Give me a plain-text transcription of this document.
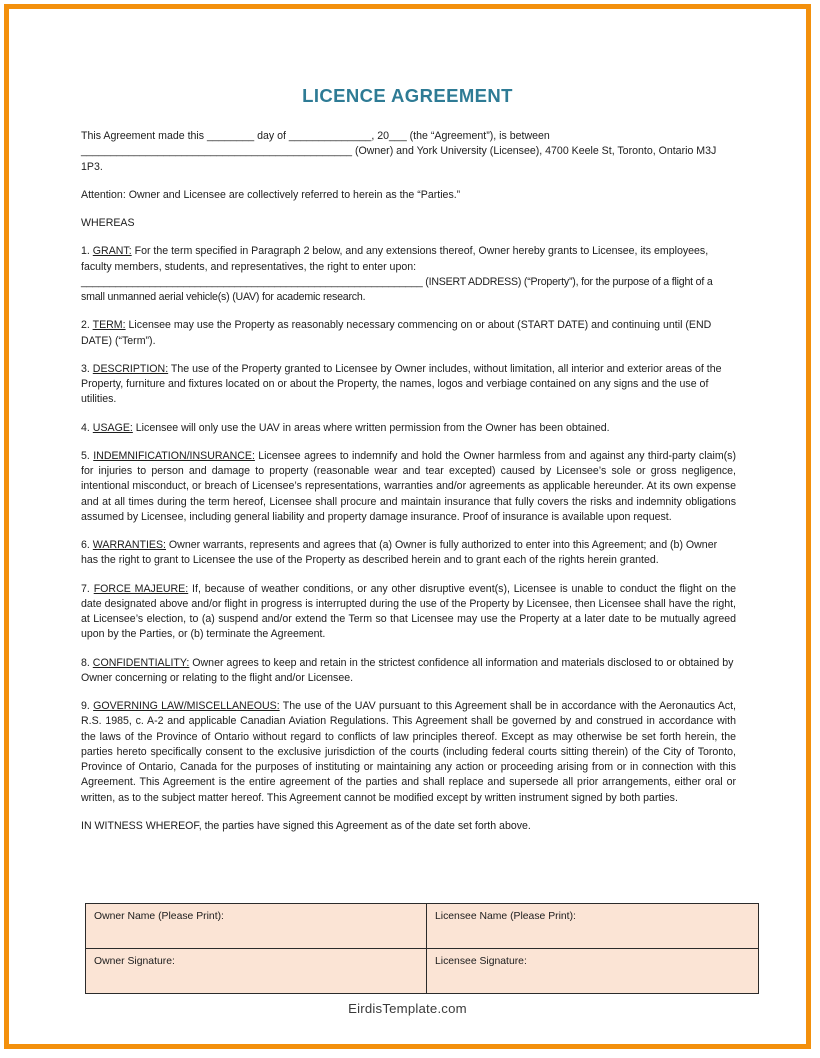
LICENCE AGREEMENT

This Agreement made this ________ day of ______________, 20___ (the “Agreement”), is between
______________________________________________ (Owner) and York University (Licensee), 4700 Keele St, Toronto, Ontario M3J 1P3.

Attention: Owner and Licensee are collectively referred to herein as the “Parties.”

WHEREAS

1. GRANT: For the term specified in Paragraph 2 below, and any extensions thereof, Owner hereby grants to Licensee, its employees, faculty members, students, and representatives, the right to enter upon:
____________________________________________________________ (INSERT ADDRESS) (“Property”), for the purpose of a flight of a small unmanned aerial vehicle(s) (UAV) for academic research.

2. TERM: Licensee may use the Property as reasonably necessary commencing on or about (START DATE) and continuing until (END DATE) (“Term”).

3. DESCRIPTION: The use of the Property granted to Licensee by Owner includes, without limitation, all interior and exterior areas of the Property, furniture and fixtures located on or about the Property, the names, logos and verbiage contained on any signs and the use of utilities.

4. USAGE: Licensee will only use the UAV in areas where written permission from the Owner has been obtained.

5. INDEMNIFICATION/INSURANCE: Licensee agrees to indemnify and hold the Owner harmless from and against any third-party claim(s) for injuries to person and damage to property (reasonable wear and tear excepted) caused by Licensee’s sole or gross negligence, intentional misconduct, or breach of Licensee’s representations, warranties and/or agreements as applicable hereunder. At its own expense and at all times during the term hereof, Licensee shall procure and maintain insurance that fully covers the risks and indemnity obligations assumed by Licensee, including general liability and property damage insurance. Proof of insurance is available upon request.

6. WARRANTIES: Owner warrants, represents and agrees that (a) Owner is fully authorized to enter into this Agreement; and (b) Owner has the right to grant to Licensee the use of the Property as described herein and to grant each of the rights herein granted.

7. FORCE MAJEURE: If, because of weather conditions, or any other disruptive event(s), Licensee is unable to conduct the flight on the date designated above and/or flight in progress is interrupted during the use of the Property by Licensee, then Licensee shall have the right, at Licensee’s election, to (a) suspend and/or extend the Term so that Licensee may use the Property at a later date to be mutually agreed upon by the Parties, or (b) terminate the Agreement.

8. CONFIDENTIALITY: Owner agrees to keep and retain in the strictest confidence all information and materials disclosed to or obtained by Owner concerning or relating to the flight and/or Licensee.

9. GOVERNING LAW/MISCELLANEOUS: The use of the UAV pursuant to this Agreement shall be in accordance with the Aeronautics Act, R.S. 1985, c. A-2 and applicable Canadian Aviation Regulations. This Agreement shall be governed by and construed in accordance with the laws of the Province of Ontario without regard to conflicts of law principles thereof. Except as may otherwise be set forth herein, the parties hereto specifically consent to the exclusive jurisdiction of the courts (including federal courts sitting therein) of the City of Toronto, Province of Ontario, Canada for the purposes of instituting or maintaining any action or proceeding arising from or in connection with this Agreement. This Agreement is the entire agreement of the parties and shall replace and supersede all prior arrangements, either oral or written, as to the subject matter hereof. This Agreement cannot be modified except by written instrument signed by both parties.

IN WITNESS WHEREOF, the parties have signed this Agreement as of the date set forth above.

Owner Name (Please Print):	Licensee Name (Please Print):
Owner Signature:	Licensee Signature:
EirdisTemplate.com
